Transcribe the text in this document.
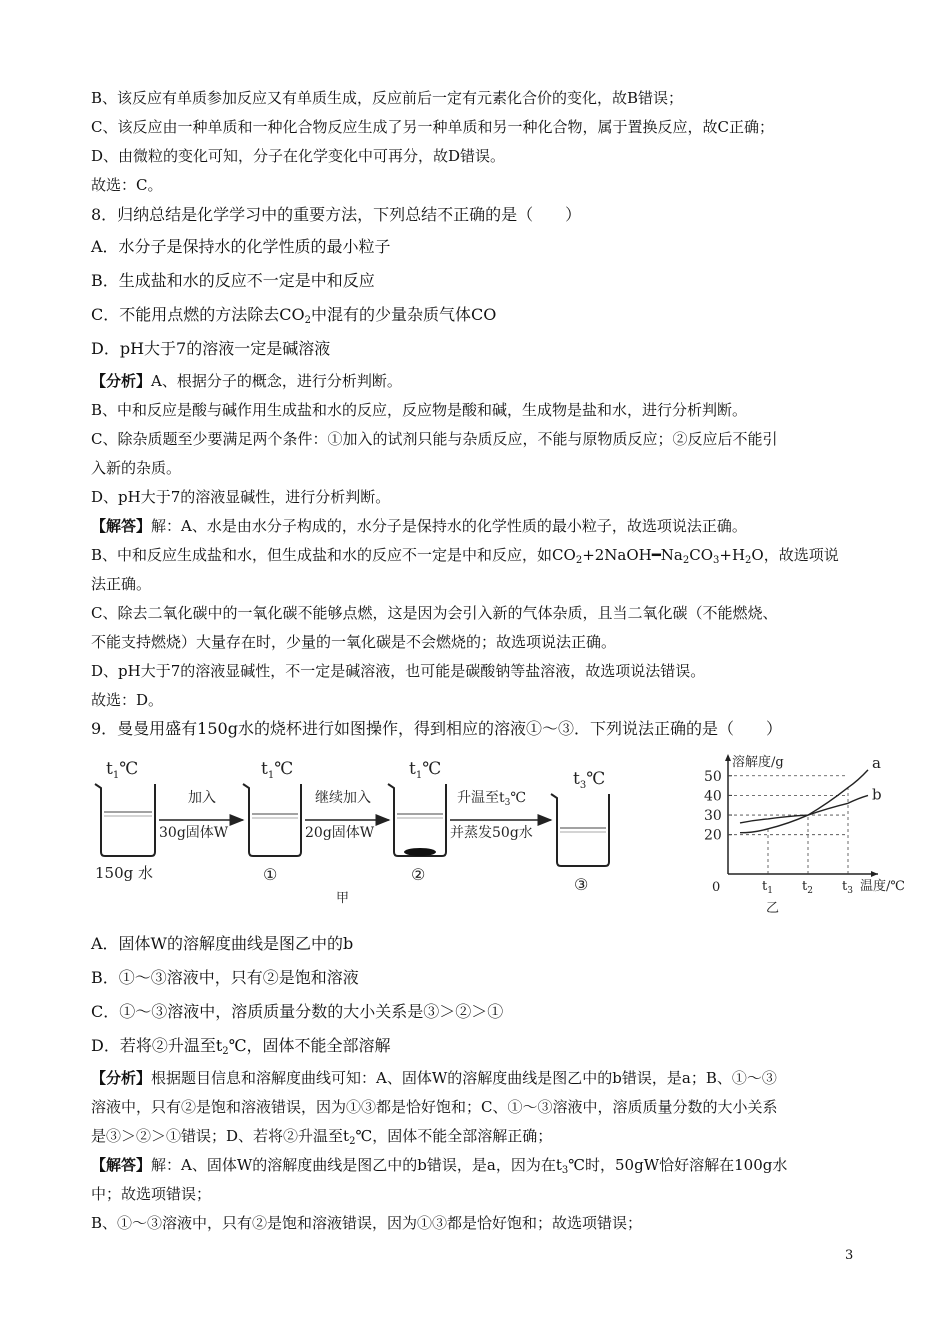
B、该反应有单质参加反应又有单质生成，反应前后一定有元素化合价的变化，故B错误；
C、该反应由一种单质和一种化合物反应生成了另一种单质和另一种化合物，属于置换反应，故C正确；
D、由微粒的变化可知，分子在化学变化中可再分，故D错误。
故选：C。
8．归纳总结是化学学习中的重要方法，下列总结不正确的是（　　）
A．水分子是保持水的化学性质的最小粒子
B．生成盐和水的反应不一定是中和反应
C．不能用点燃的方法除去$CO_2$中混有的少量杂质气体CO
D．pH大于7的溶液一定是碱溶液
【分析】A、根据分子的概念，进行分析判断。
B、中和反应是酸与碱作用生成盐和水的反应，反应物是酸和碱，生成物是盐和水，进行分析判断。
C、除杂质题至少要满足两个条件：①加入的试剂只能与杂质反应，不能与原物质反应；②反应后不能引
入新的杂质。
D、pH大于7的溶液显碱性，进行分析判断。
【解答】解：A、水是由水分子构成的，水分子是保持水的化学性质的最小粒子，故选项说法正确。
B、中和反应生成盐和水，但生成盐和水的反应不一定是中和反应，如$CO_2+2NaOH━Na_2CO_3+H_2O$，故选项说
法正确。
C、除去二氧化碳中的一氧化碳不能够点燃，这是因为会引入新的气体杂质，且当二氧化碳（不能燃烧、
不能支持燃烧）大量存在时，少量的一氧化碳是不会燃烧的；故选项说法正确。
D、pH大于7的溶液显碱性，不一定是碱溶液，也可能是碳酸钠等盐溶液，故选项说法错误。
故选：D。
9．曼曼用盛有150g水的烧杯进行如图操作，得到相应的溶液①～③．下列说法正确的是（　　）
A．固体W的溶解度曲线是图乙中的b
B．①～③溶液中，只有②是饱和溶液
C．①～③溶液中，溶质质量分数的大小关系是③＞②＞①
D．若将②升温至$t_2℃$，固体不能全部溶解
【分析】根据题目信息和溶解度曲线可知：A、固体W的溶解度曲线是图乙中的b错误，是a；B、①～③
溶液中，只有②是饱和溶液错误，因为①③都是恰好饱和；C、①～③溶液中，溶质质量分数的大小关系
是③＞②＞①错误；D、若将②升温至$t_2℃$，固体不能全部溶解正确；
【解答】解：A、固体W的溶解度曲线是图乙中的b错误，是a，因为在$t_3℃$时，50gW恰好溶解在100g水
中；故选项错误；
B、①～③溶液中，只有②是饱和溶液错误，因为①③都是恰好饱和；故选项错误；
$t_1℃$
150g 水
加入
30g固体W
$t_1℃$
①
继续加入
20g固体W
$t_1℃$
②
升温至$t_3℃$
并蒸发50g水
$t_3℃$
③
甲
溶解度/g
0
20
30
40
50
$t_1$ $t_2$ $t_3$ 温度/℃
a
b
乙
3
